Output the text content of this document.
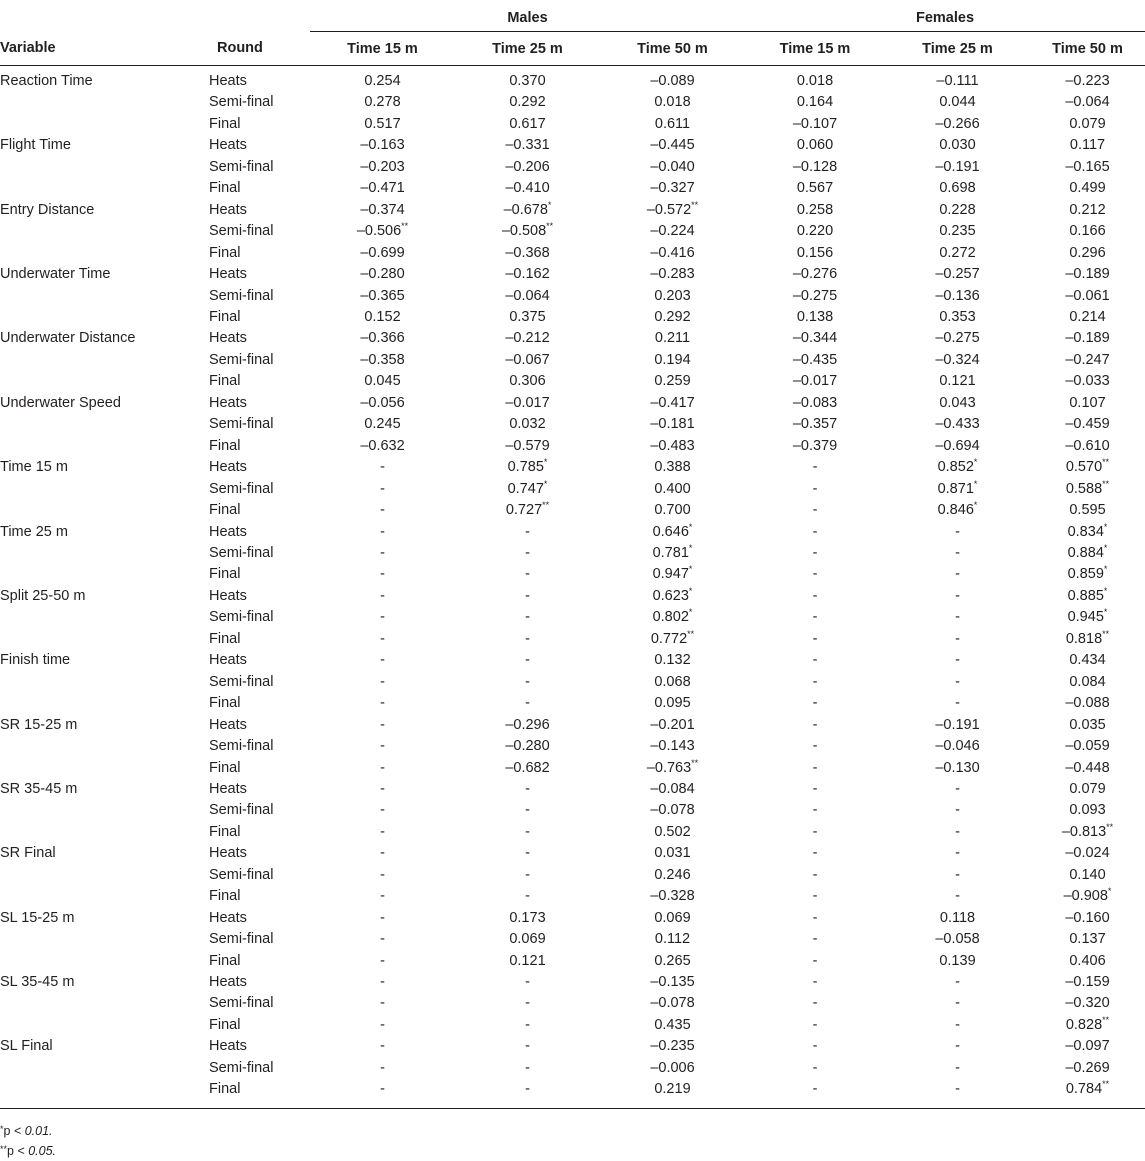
		Males			Females		
Variable	Round	Time 15 m	Time 25 m	Time 50 m	Time 15 m	Time 25 m	Time 50 m
Reaction Time	Heats	0.254	0.370	–0.089	0.018	–0.111	–0.223
	Semi-final	0.278	0.292	0.018	0.164	0.044	–0.064
	Final	0.517	0.617	0.611	–0.107	–0.266	0.079
Flight Time	Heats	–0.163	–0.331	–0.445	0.060	0.030	0.117
	Semi-final	–0.203	–0.206	–0.040	–0.128	–0.191	–0.165
	Final	–0.471	–0.410	–0.327	0.567	0.698	0.499
Entry Distance	Heats	–0.374	–0.678*	–0.572**	0.258	0.228	0.212
	Semi-final	–0.506**	–0.508**	–0.224	0.220	0.235	0.166
	Final	–0.699	–0.368	–0.416	0.156	0.272	0.296
Underwater Time	Heats	–0.280	–0.162	–0.283	–0.276	–0.257	–0.189
	Semi-final	–0.365	–0.064	0.203	–0.275	–0.136	–0.061
	Final	0.152	0.375	0.292	0.138	0.353	0.214
Underwater Distance	Heats	–0.366	–0.212	0.211	–0.344	–0.275	–0.189
	Semi-final	–0.358	–0.067	0.194	–0.435	–0.324	–0.247
	Final	0.045	0.306	0.259	–0.017	0.121	–0.033
Underwater Speed	Heats	–0.056	–0.017	–0.417	–0.083	0.043	0.107
	Semi-final	0.245	0.032	–0.181	–0.357	–0.433	–0.459
	Final	–0.632	–0.579	–0.483	–0.379	–0.694	–0.610
Time 15 m	Heats	-	0.785*	0.388	-	0.852*	0.570**
	Semi-final	-	0.747*	0.400	-	0.871*	0.588**
	Final	-	0.727**	0.700	-	0.846*	0.595
Time 25 m	Heats	-	-	0.646*	-	-	0.834*
	Semi-final	-	-	0.781*	-	-	0.884*
	Final	-	-	0.947*	-	-	0.859*
Split 25-50 m	Heats	-	-	0.623*	-	-	0.885*
	Semi-final	-	-	0.802*	-	-	0.945*
	Final	-	-	0.772**	-	-	0.818**
Finish time	Heats	-	-	0.132	-	-	0.434
	Semi-final	-	-	0.068	-	-	0.084
	Final	-	-	0.095	-	-	–0.088
SR 15-25 m	Heats	-	–0.296	–0.201	-	–0.191	0.035
	Semi-final	-	–0.280	–0.143	-	–0.046	–0.059
	Final	-	–0.682	–0.763**	-	–0.130	–0.448
SR 35-45 m	Heats	-	-	–0.084	-	-	0.079
	Semi-final	-	-	–0.078	-	-	0.093
	Final	-	-	0.502	-	-	–0.813**
SR Final	Heats	-	-	0.031	-	-	–0.024
	Semi-final	-	-	0.246	-	-	0.140
	Final	-	-	–0.328	-	-	–0.908*
SL 15-25 m	Heats	-	0.173	0.069	-	0.118	–0.160
	Semi-final	-	0.069	0.112	-	–0.058	0.137
	Final	-	0.121	0.265	-	0.139	0.406
SL 35-45 m	Heats	-	-	–0.135	-	-	–0.159
	Semi-final	-	-	–0.078	-	-	–0.320
	Final	-	-	0.435	-	-	0.828**
SL Final	Heats	-	-	–0.235	-	-	–0.097
	Semi-final	-	-	–0.006	-	-	–0.269
	Final	-	-	0.219	-	-	0.784**
*p < 0.01.
**p < 0.05.
